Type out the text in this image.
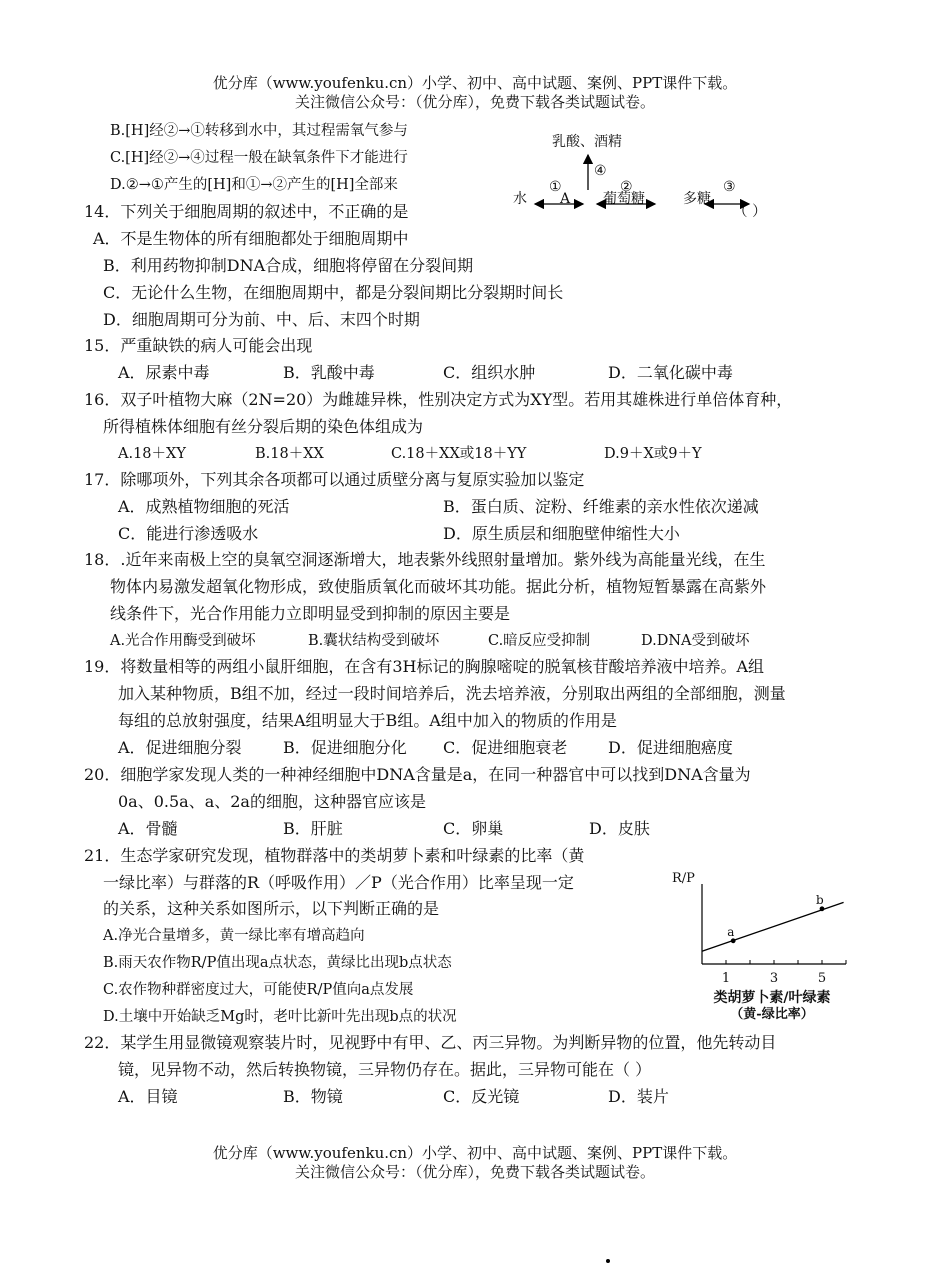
优分库（www.youfenku.cn）小学、初中、高中试题、案例、PPT课件下载。
关注微信公众号：（优分库），免费下载各类试题试卷。
B.[H]经②→①转移到水中，其过程需氧气参与
C.[H]经②→④过程一般在缺氧条件下才能进行
D.②→①产生的[H]和①→②产生的[H]全部来
（ ）
乳酸、酒精
水 A 葡萄糖	多糖
①	②	③
④
14．下列关于细胞周期的叙述中，不正确的是
A．不是生物体的所有细胞都处于细胞周期中
B．利用药物抑制DNA合成，细胞将停留在分裂间期
C．无论什么生物，在细胞周期中，都是分裂间期比分裂期时间长
D．细胞周期可分为前、中、后、末四个时期
15．严重缺铁的病人可能会出现
A．尿素中毒	B．乳酸中毒	C．组织水肿	D．二氧化碳中毒
16．双子叶植物大麻（2N=20）为雌雄异株，性别决定方式为XY型。若用其雄株进行单倍体育种，
所得植株体细胞有丝分裂后期的染色体组成为
A.18＋XY	B.18＋XX	C.18＋XX或18＋YY	D.9＋X或9＋Y
17．除哪项外，下列其余各项都可以通过质壁分离与复原实验加以鉴定
A．成熟植物细胞的死活	B．蛋白质、淀粉、纤维素的亲水性依次递减
C．能进行渗透吸水	D．原生质层和细胞壁伸缩性大小
18．.近年来南极上空的臭氧空洞逐渐增大，地表紫外线照射量增加。紫外线为高能量光线，在生
物体内易激发超氧化物形成，致使脂质氧化而破坏其功能。据此分析，植物短暂暴露在高紫外
线条件下，光合作用能力立即明显受到抑制的原因主要是
A.光合作用酶受到破坏	B.囊状结构受到破坏	C.暗反应受抑制	D.DNA受到破坏
19．将数量相等的两组小鼠肝细胞，在含有3H标记的胸腺嘧啶的脱氧核苷酸培养液中培养。A组
加入某种物质，B组不加，经过一段时间培养后，洗去培养液，分别取出两组的全部细胞，测量
每组的总放射强度，结果A组明显大于B组。A组中加入的物质的作用是
A．促进细胞分裂	B．促进细胞分化 C．促进细胞衰老	D．促进细胞癌度
20．细胞学家发现人类的一种神经细胞中DNA含量是a，在同一种器官中可以找到DNA含量为
0a、0.5a、a、2a的细胞，这种器官应该是
A．骨髓	B．肝脏	C．卵巢	D．皮肤
21．生态学家研究发现，植物群落中的类胡萝卜素和叶绿素的比率（黄
一绿比率）与群落的R（呼吸作用）／P（光合作用）比率呈现一定
的关系，这种关系如图所示，以下判断正确的是
A.净光合量增多，黄一绿比率有增高趋向
B.雨天农作物R/P值出现a点状态，黄绿比出现b点状态
C.农作物种群密度过大，可能使R/P值向a点发展
D.土壤中开始缺乏Mg时，老叶比新叶先出现b点的状况
R/P
1	3	5
a
b
类胡萝卜素/叶绿素
（黄-绿比率）
22．某学生用显微镜观察装片时，见视野中有甲、乙、丙三异物。为判断异物的位置，他先转动目
镜，见异物不动，然后转换物镜，三异物仍存在。据此，三异物可能在（ ）
A．目镜	B．物镜	C．反光镜	D．装片
优分库（www.youfenku.cn）小学、初中、高中试题、案例、PPT课件下载。
关注微信公众号：（优分库），免费下载各类试题试卷。
